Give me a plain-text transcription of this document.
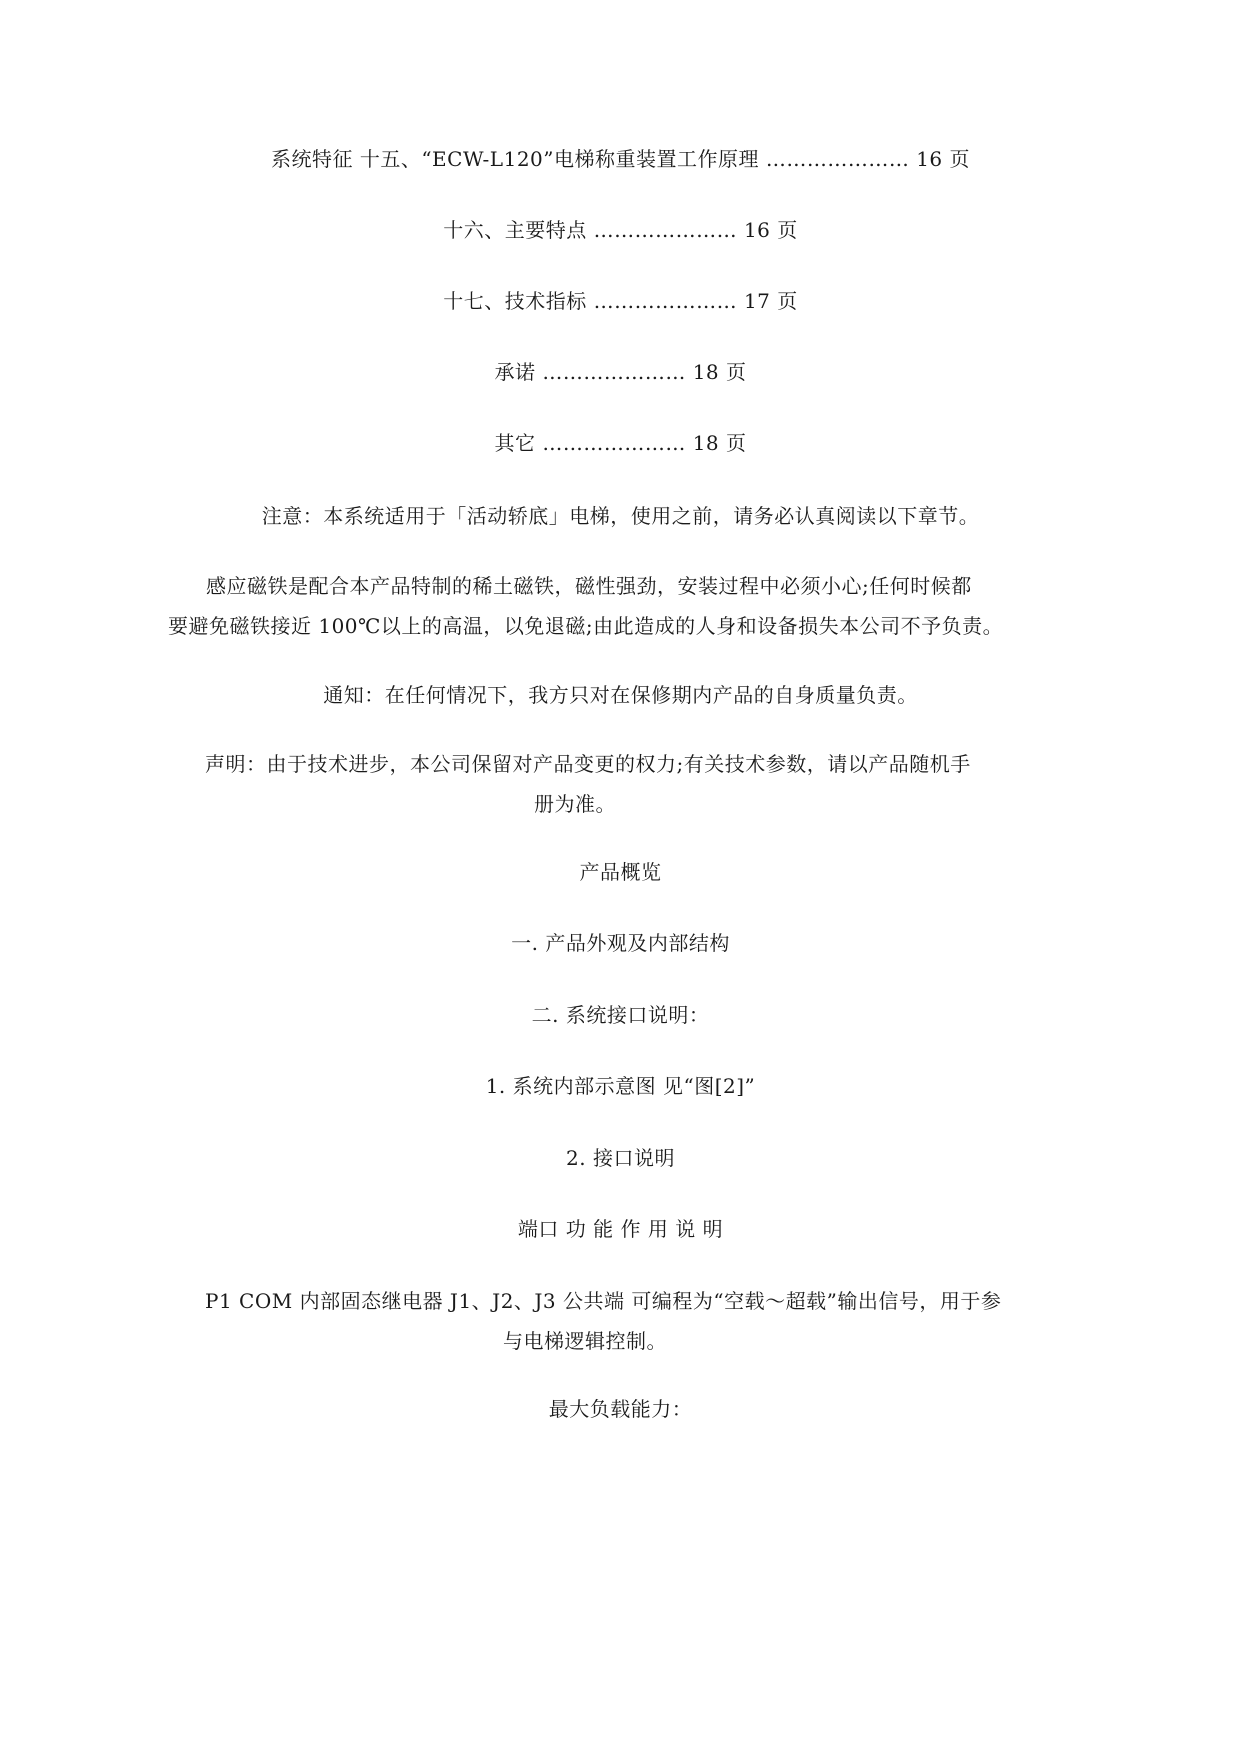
系统特征 十五、“ECW-L120”电梯称重装置工作原理 ………………… 16 页
十六、主要特点 ………………… 16 页
十七、技术指标 ………………… 17 页
承诺 ………………… 18 页
其它 ………………… 18 页
注意：本系统适用于「活动轿底」电梯，使用之前，请务必认真阅读以下章节。
感应磁铁是配合本产品特制的稀土磁铁，磁性强劲，安装过程中必须小心;任何时候都
要避免磁铁接近 100℃以上的高温，以免退磁;由此造成的人身和设备损失本公司不予负责。
通知：在任何情况下，我方只对在保修期内产品的自身质量负责。
声明：由于技术进步，本公司保留对产品变更的权力;有关技术参数，请以产品随机手
册为准。
产品概览
一. 产品外观及内部结构
二. 系统接口说明：
1. 系统内部示意图 见“图[2]”
2. 接口说明
端口 功 能 作 用 说 明
P1 COM 内部固态继电器 J1、J2、J3 公共端 可编程为“空载～超载”输出信号，用于参
与电梯逻辑控制。
最大负载能力：
